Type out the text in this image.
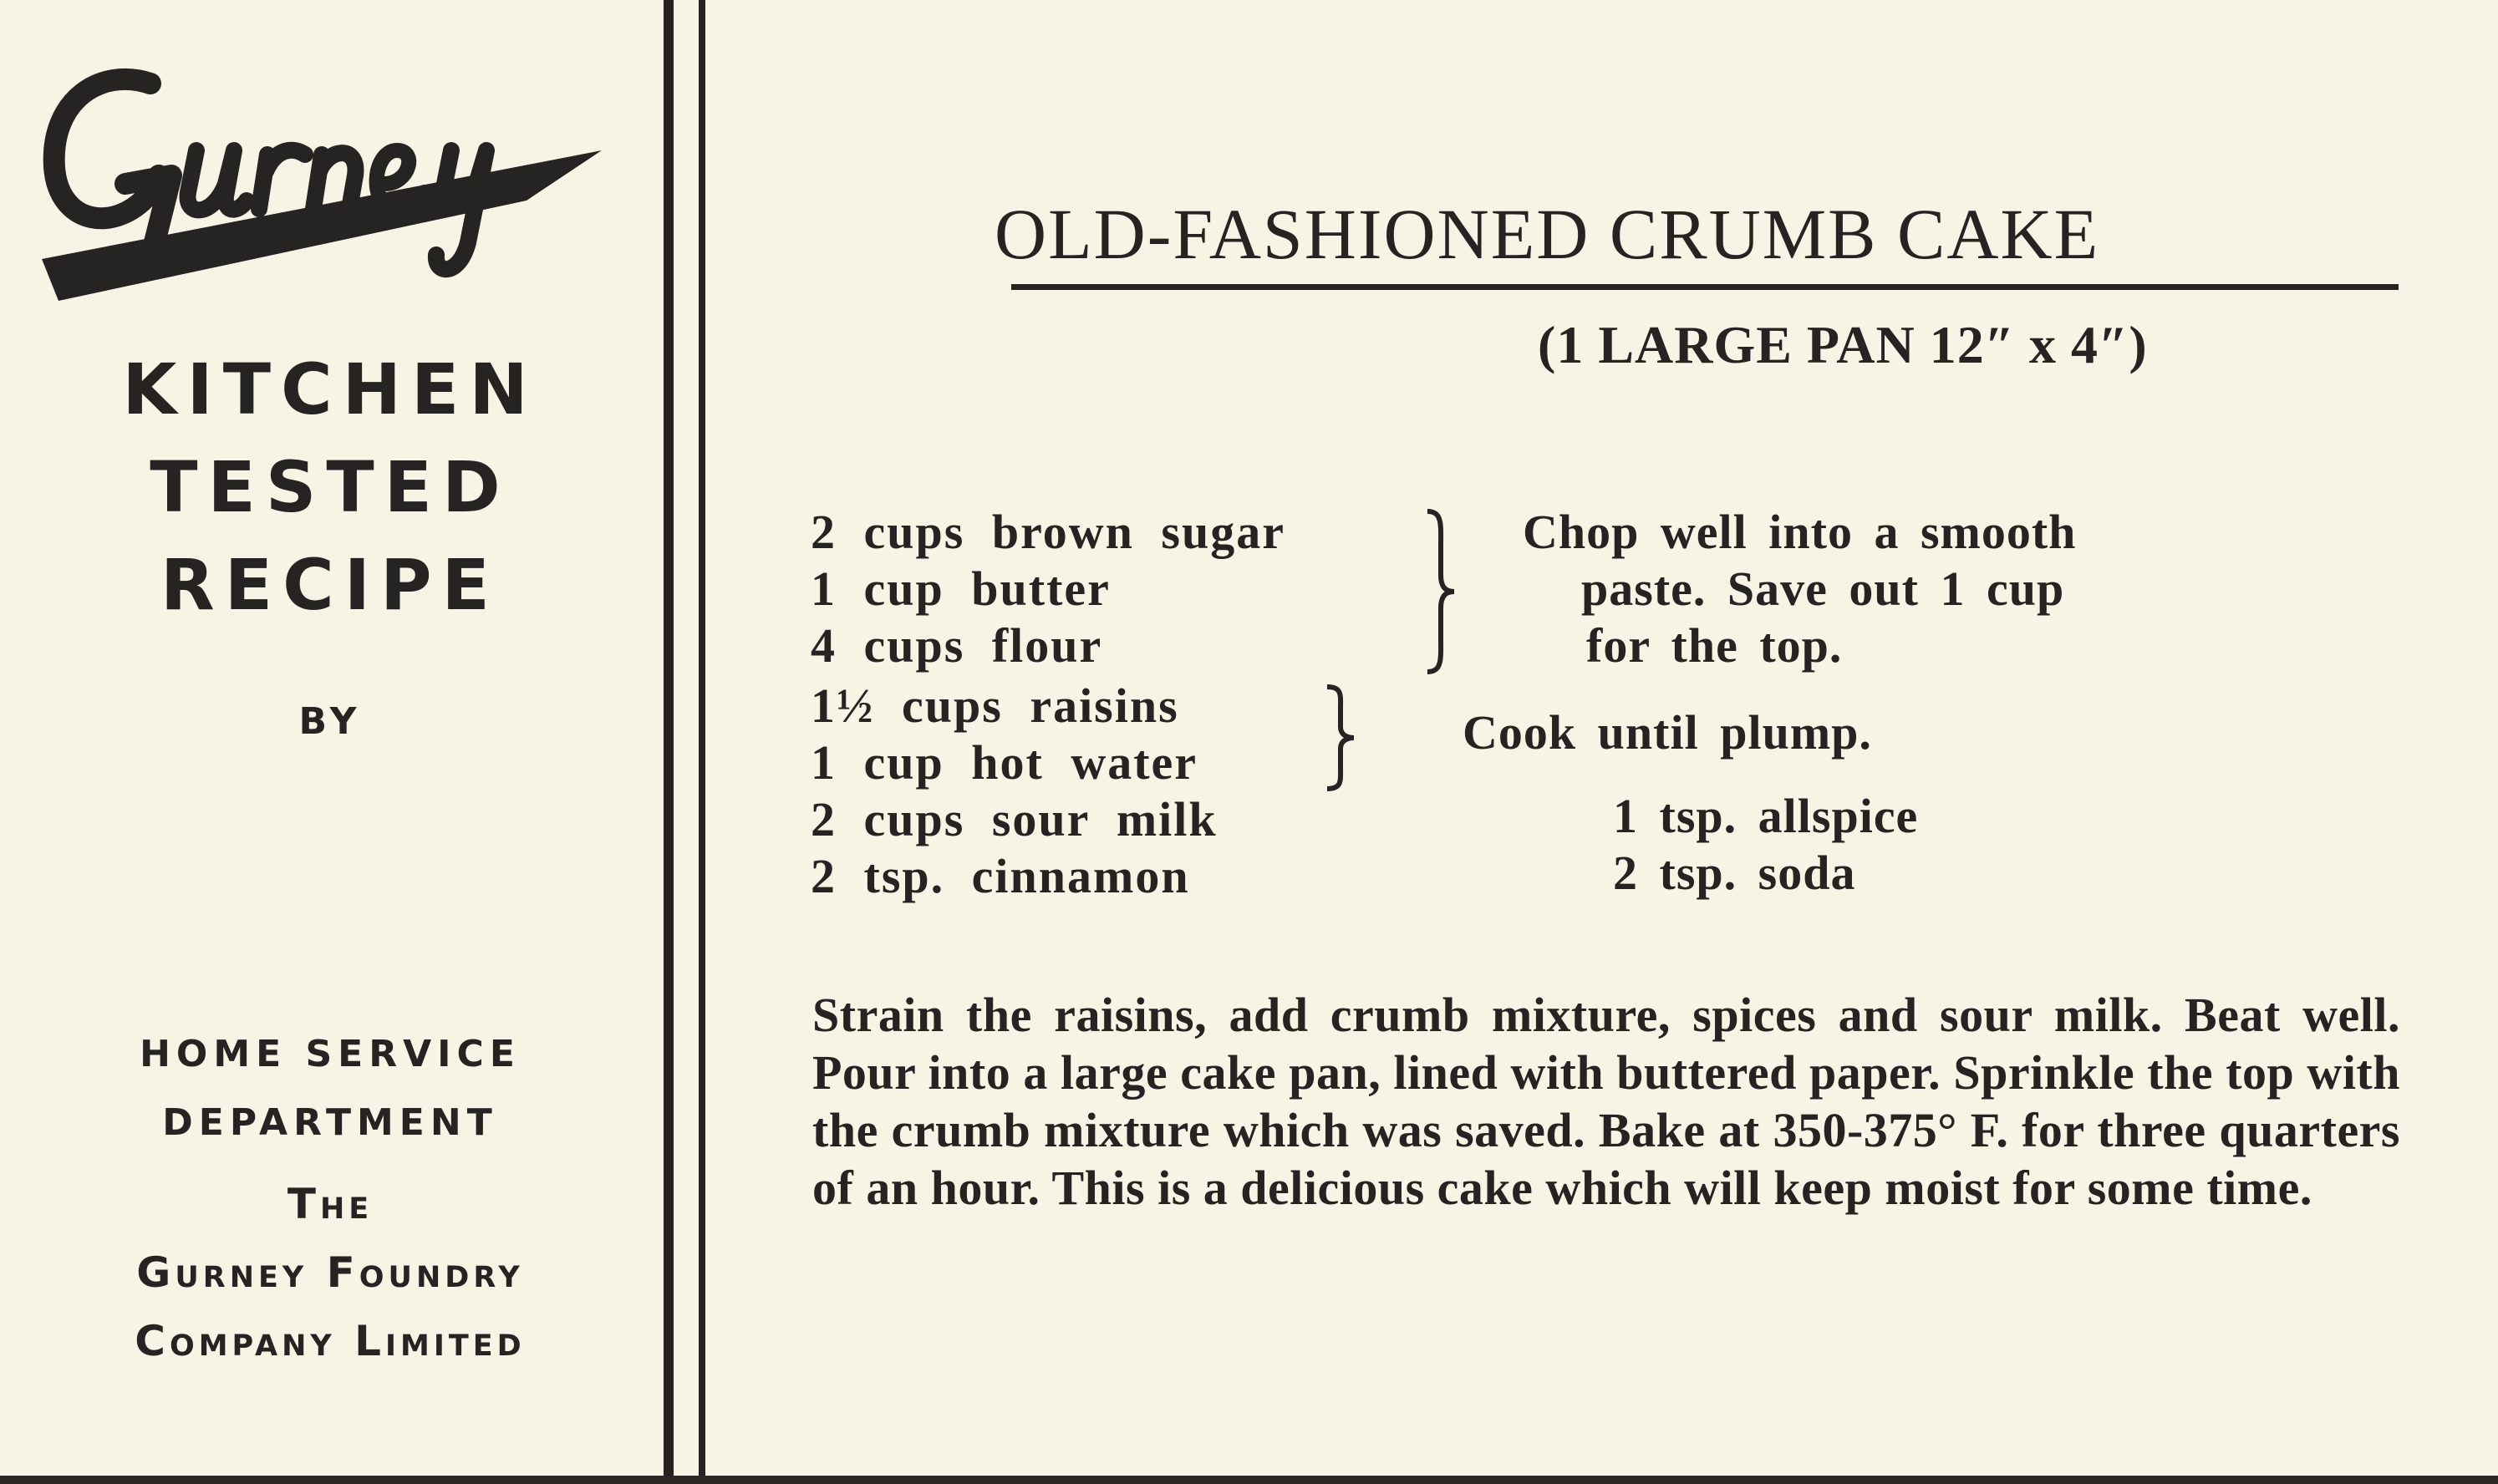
KITCHEN
TESTED
RECIPE
BY
HOME SERVICE
DEPARTMENT
The
Gurney Foundry
Company Limited
OLD-FASHIONED CRUMB CAKE
(1 LARGE PAN 12″ x 4″)
2 cups brown sugar
1 cup butter
4 cups flour
1½ cups raisins
1 cup hot water
2 cups sour milk
2 tsp. cinnamon
Chop well into a smooth
paste. Save out 1 cup
for the top.
Cook until plump.
1 tsp. allspice
2 tsp. soda
Strain the raisins, add crumb mixture, spices and sour milk. Beat well. Pour into a large cake pan, lined with buttered paper. Sprinkle the top with the crumb mixture which was saved. Bake at 350-375° F. for three quarters of an hour. This is a delicious cake which will keep moist for some time.
